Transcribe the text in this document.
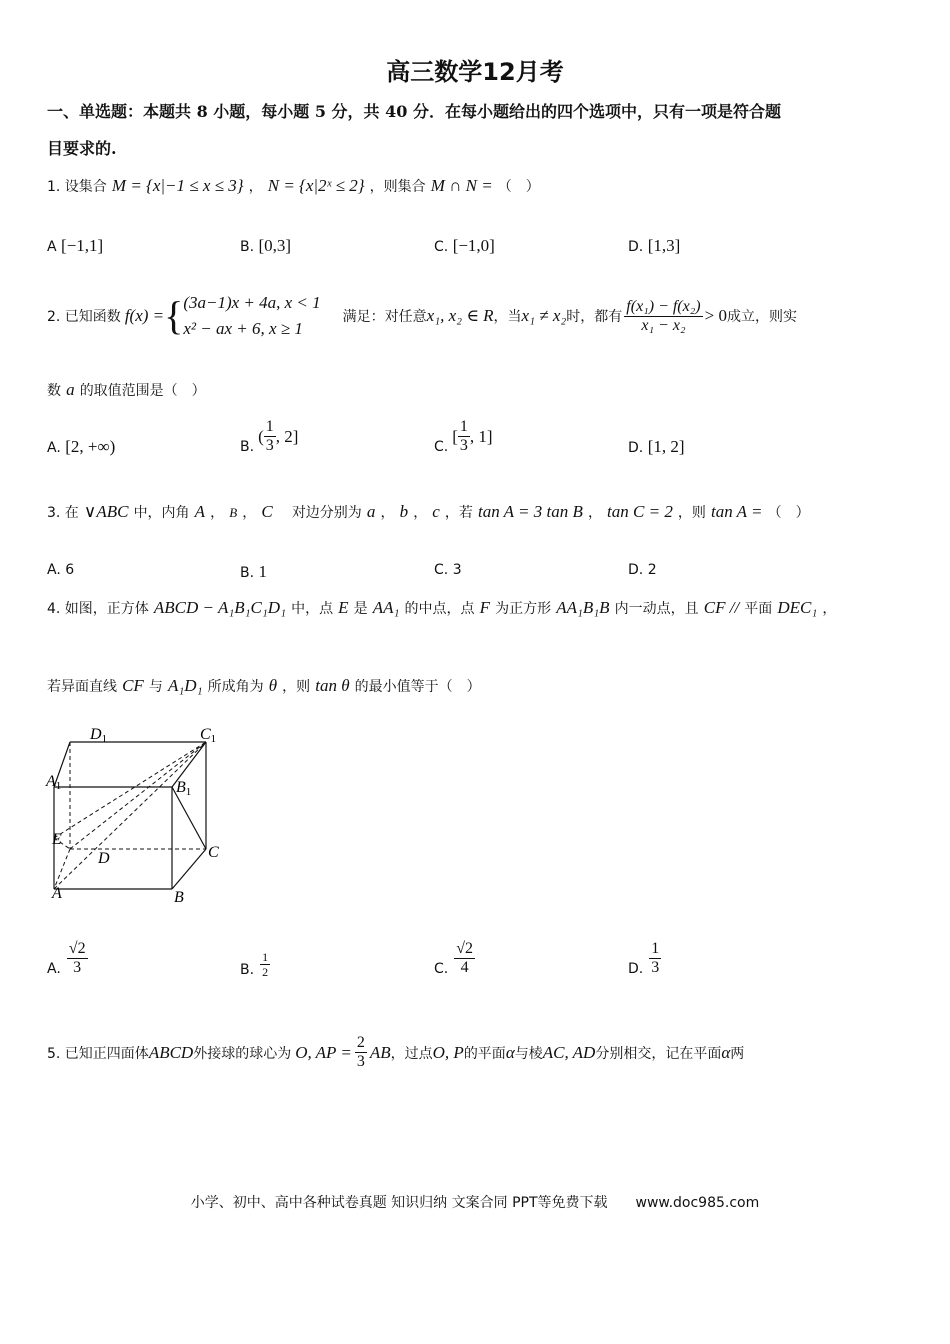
高三数学12月考
一、单选题：本题共 8 小题，每小题 5 分，共 40 分．在每小题给出的四个选项中，只有一项是符合题
目要求的.
1. 设集合 M = {x|−1 ≤ x ≤ 3} ， N = {x|2ˣ ≤ 2} ，则集合 M ∩ N = （　）
A [−1,1]	B. [0,3]	C. [−1,0]	D. [1,3]
2. 已知函数 f(x) = { (3a−1)x + 4a, x < 1
x² − ax + 6, x ≥ 1
满足：对任意 x₁, x₂ ∈ R ，当 x₁ ≠ x₂ 时，都有 $\frac{\text{f(x₁) − f(x₂)}}{\text{x₁ − x₂}} > 0$ 成立，则实
数 a 的取值范围是（　）
A. [2, +∞)	B.
( $\frac{1}{3}$ , 2]
C.
[ $\frac{1}{3}$ , 1]
D. [1, 2]
3. 在 ∨ABC 中，内角 A ， B ， C 对边分别为 a ， b ， c ，若 tan A = 3 tan B ， tan C = 2 ，则 tan A = （　）
A. 6	B. 1	C. 3	D. 2
4. 如图，正方体 ABCD − A₁B₁C₁D₁ 中，点 E 是 AA₁ 的中点，点 F 为正方形 AA₁B₁B 内一动点，且 CF // 平面 DEC₁ ，
若异面直线 CF 与 A₁D₁ 所成角为 θ ，则 tan θ 的最小值等于（　）
D1	C1
A1	B1
E
D	C
A	B
A. $\frac{√2}{3}$	B. $\frac{1}{2}$	C. $\frac{√2}{4}$	D. $\frac{1}{3}$
5. 已知正四面体 ABCD 外接球的球心为 O, AP = $\frac{2}{3}$ AB ，过点 O, P 的平面 α 与棱 AC, AD 分别相交，记在平面 α 两
小学、初中、高中各种试卷真题 知识归纳 文案合同 PPT等免费下载　　www.doc985.com
